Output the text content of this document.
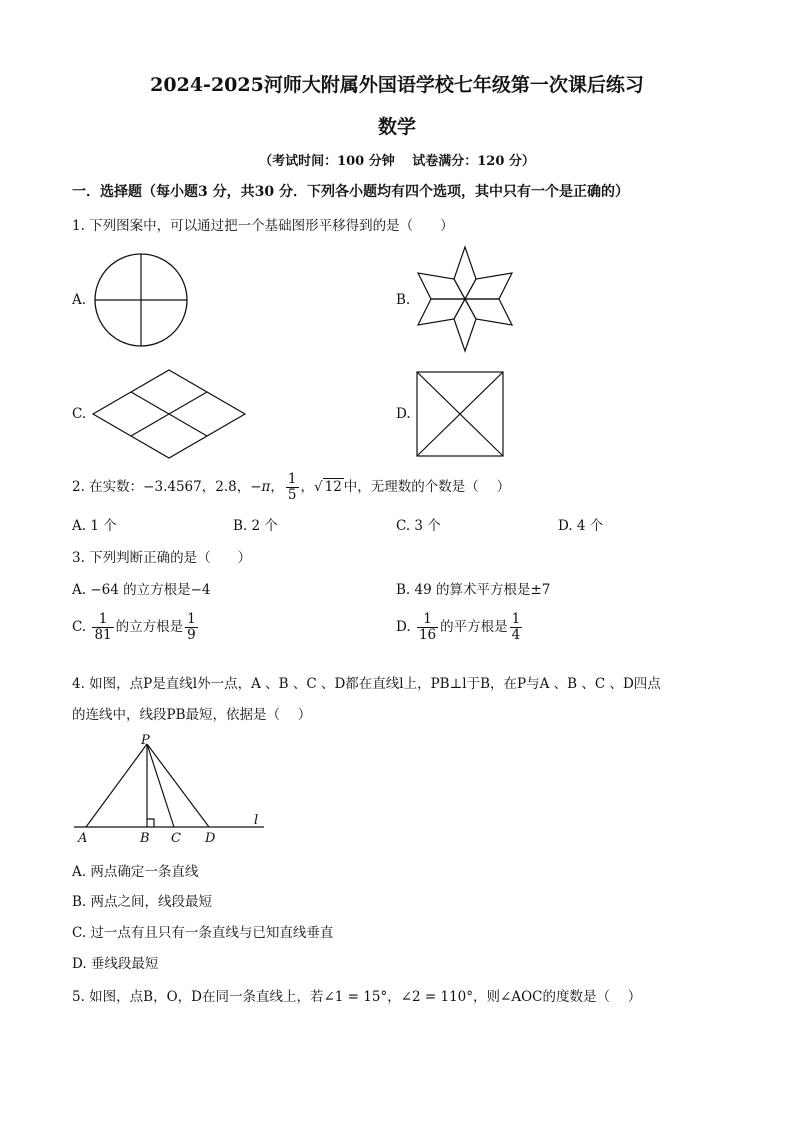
2024-2025河师大附属外国语学校七年级第一次课后练习
数学
（考试时间：100 分钟　 试卷满分：120 分）
一．选择题（每小题3 分，共30 分．下列各小题均有四个选项，其中只有一个是正确的）
1. 下列图案中，可以通过把一个基础图形平移得到的是（　　）
A.	B.
C.	D.
2. 在实数：−3.4567，2.8̇，−π， $\frac{1}{5}$ ，√ 12 中，无理数的个数是（　 ）
A. 1 个	B. 2 个	C. 3 个	D. 4 个
3. 下列判断正确的是（　　）
A. −64 的立方根是−4	B. 49 的算术平方根是±7
C. $\frac{1}{81}$ 的立方根是 $\frac{1}{9}$	D. $\frac{1}{16}$ 的平方根是 $\frac{1}{4}$
4. 如图，点P是直线l外一点，A 、B 、C 、D都在直线l上，PB⊥l于B，在P与A 、B 、C 、D四点
的连线中，线段PB最短，依据是（　 ）
P
A	B C D
l
A. 两点确定一条直线
B. 两点之间，线段最短
C. 过一点有且只有一条直线与已知直线垂直
D. 垂线段最短
5. 如图，点B，O，D在同一条直线上，若∠1 = 15°，∠2 = 110°，则∠AOC的度数是（　 ）
